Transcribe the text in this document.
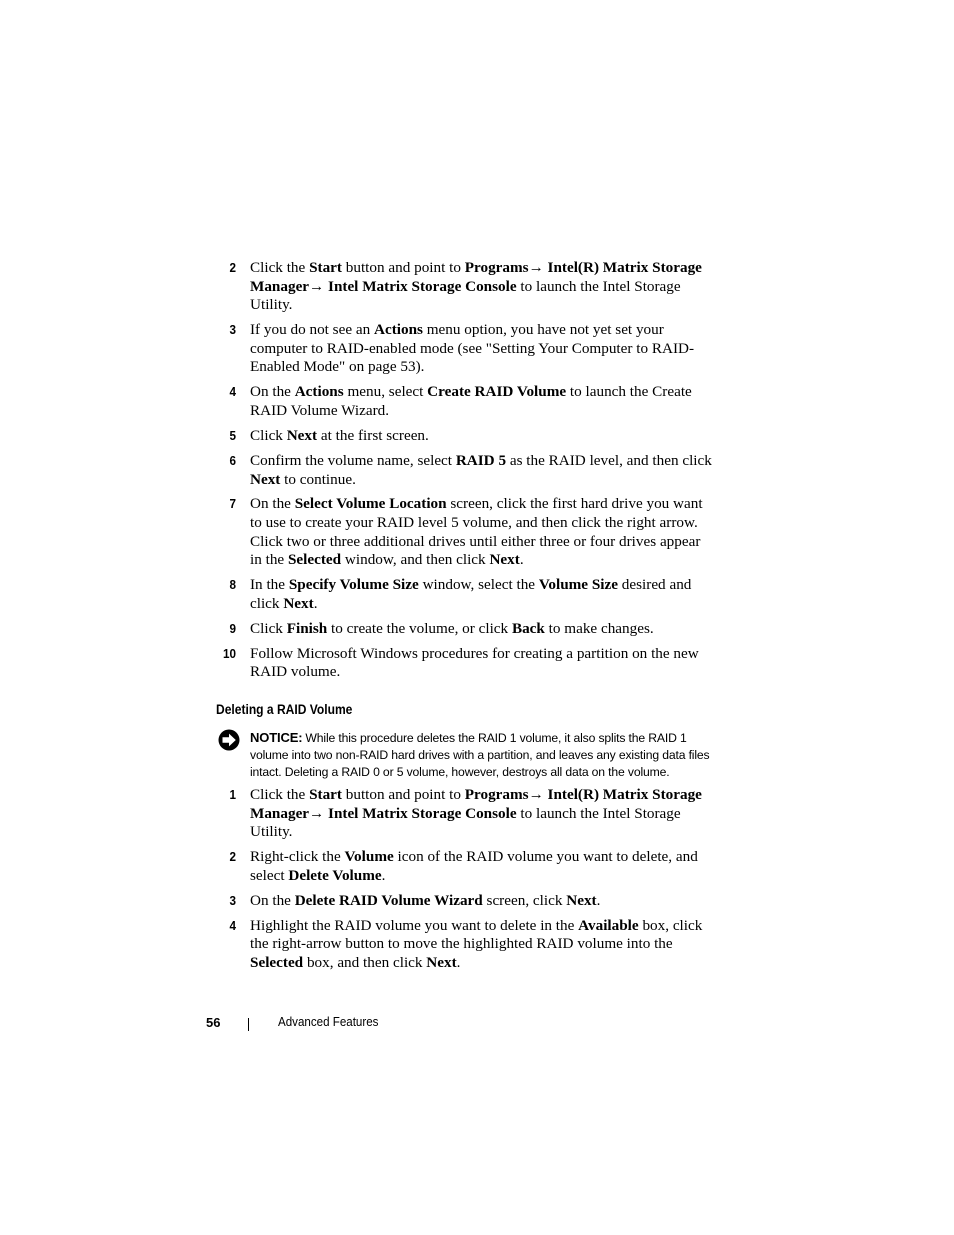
2 Click the Start button and point to Programs→ Intel(R) Matrix Storage Manager→ Intel Matrix Storage Console to launch the Intel Storage Utility.
3 If you do not see an Actions menu option, you have not yet set your computer to RAID-enabled mode (see "Setting Your Computer to RAID-Enabled Mode" on page 53).
4 On the Actions menu, select Create RAID Volume to launch the Create RAID Volume Wizard.
5 Click Next at the first screen.
6 Confirm the volume name, select RAID 5 as the RAID level, and then click Next to continue.
7 On the Select Volume Location screen, click the first hard drive you want to use to create your RAID level 5 volume, and then click the right arrow. Click two or three additional drives until either three or four drives appear in the Selected window, and then click Next.
8 In the Specify Volume Size window, select the Volume Size desired and click Next.
9 Click Finish to create the volume, or click Back to make changes.
10 Follow Microsoft Windows procedures for creating a partition on the new RAID volume.
Deleting a RAID Volume
NOTICE: While this procedure deletes the RAID 1 volume, it also splits the RAID 1 volume into two non-RAID hard drives with a partition, and leaves any existing data files intact. Deleting a RAID 0 or 5 volume, however, destroys all data on the volume.
1 Click the Start button and point to Programs→ Intel(R) Matrix Storage Manager→ Intel Matrix Storage Console to launch the Intel Storage Utility.
2 Right-click the Volume icon of the RAID volume you want to delete, and select Delete Volume.
3 On the Delete RAID Volume Wizard screen, click Next.
4 Highlight the RAID volume you want to delete in the Available box, click the right-arrow button to move the highlighted RAID volume into the Selected box, and then click Next.
56	Advanced Features
